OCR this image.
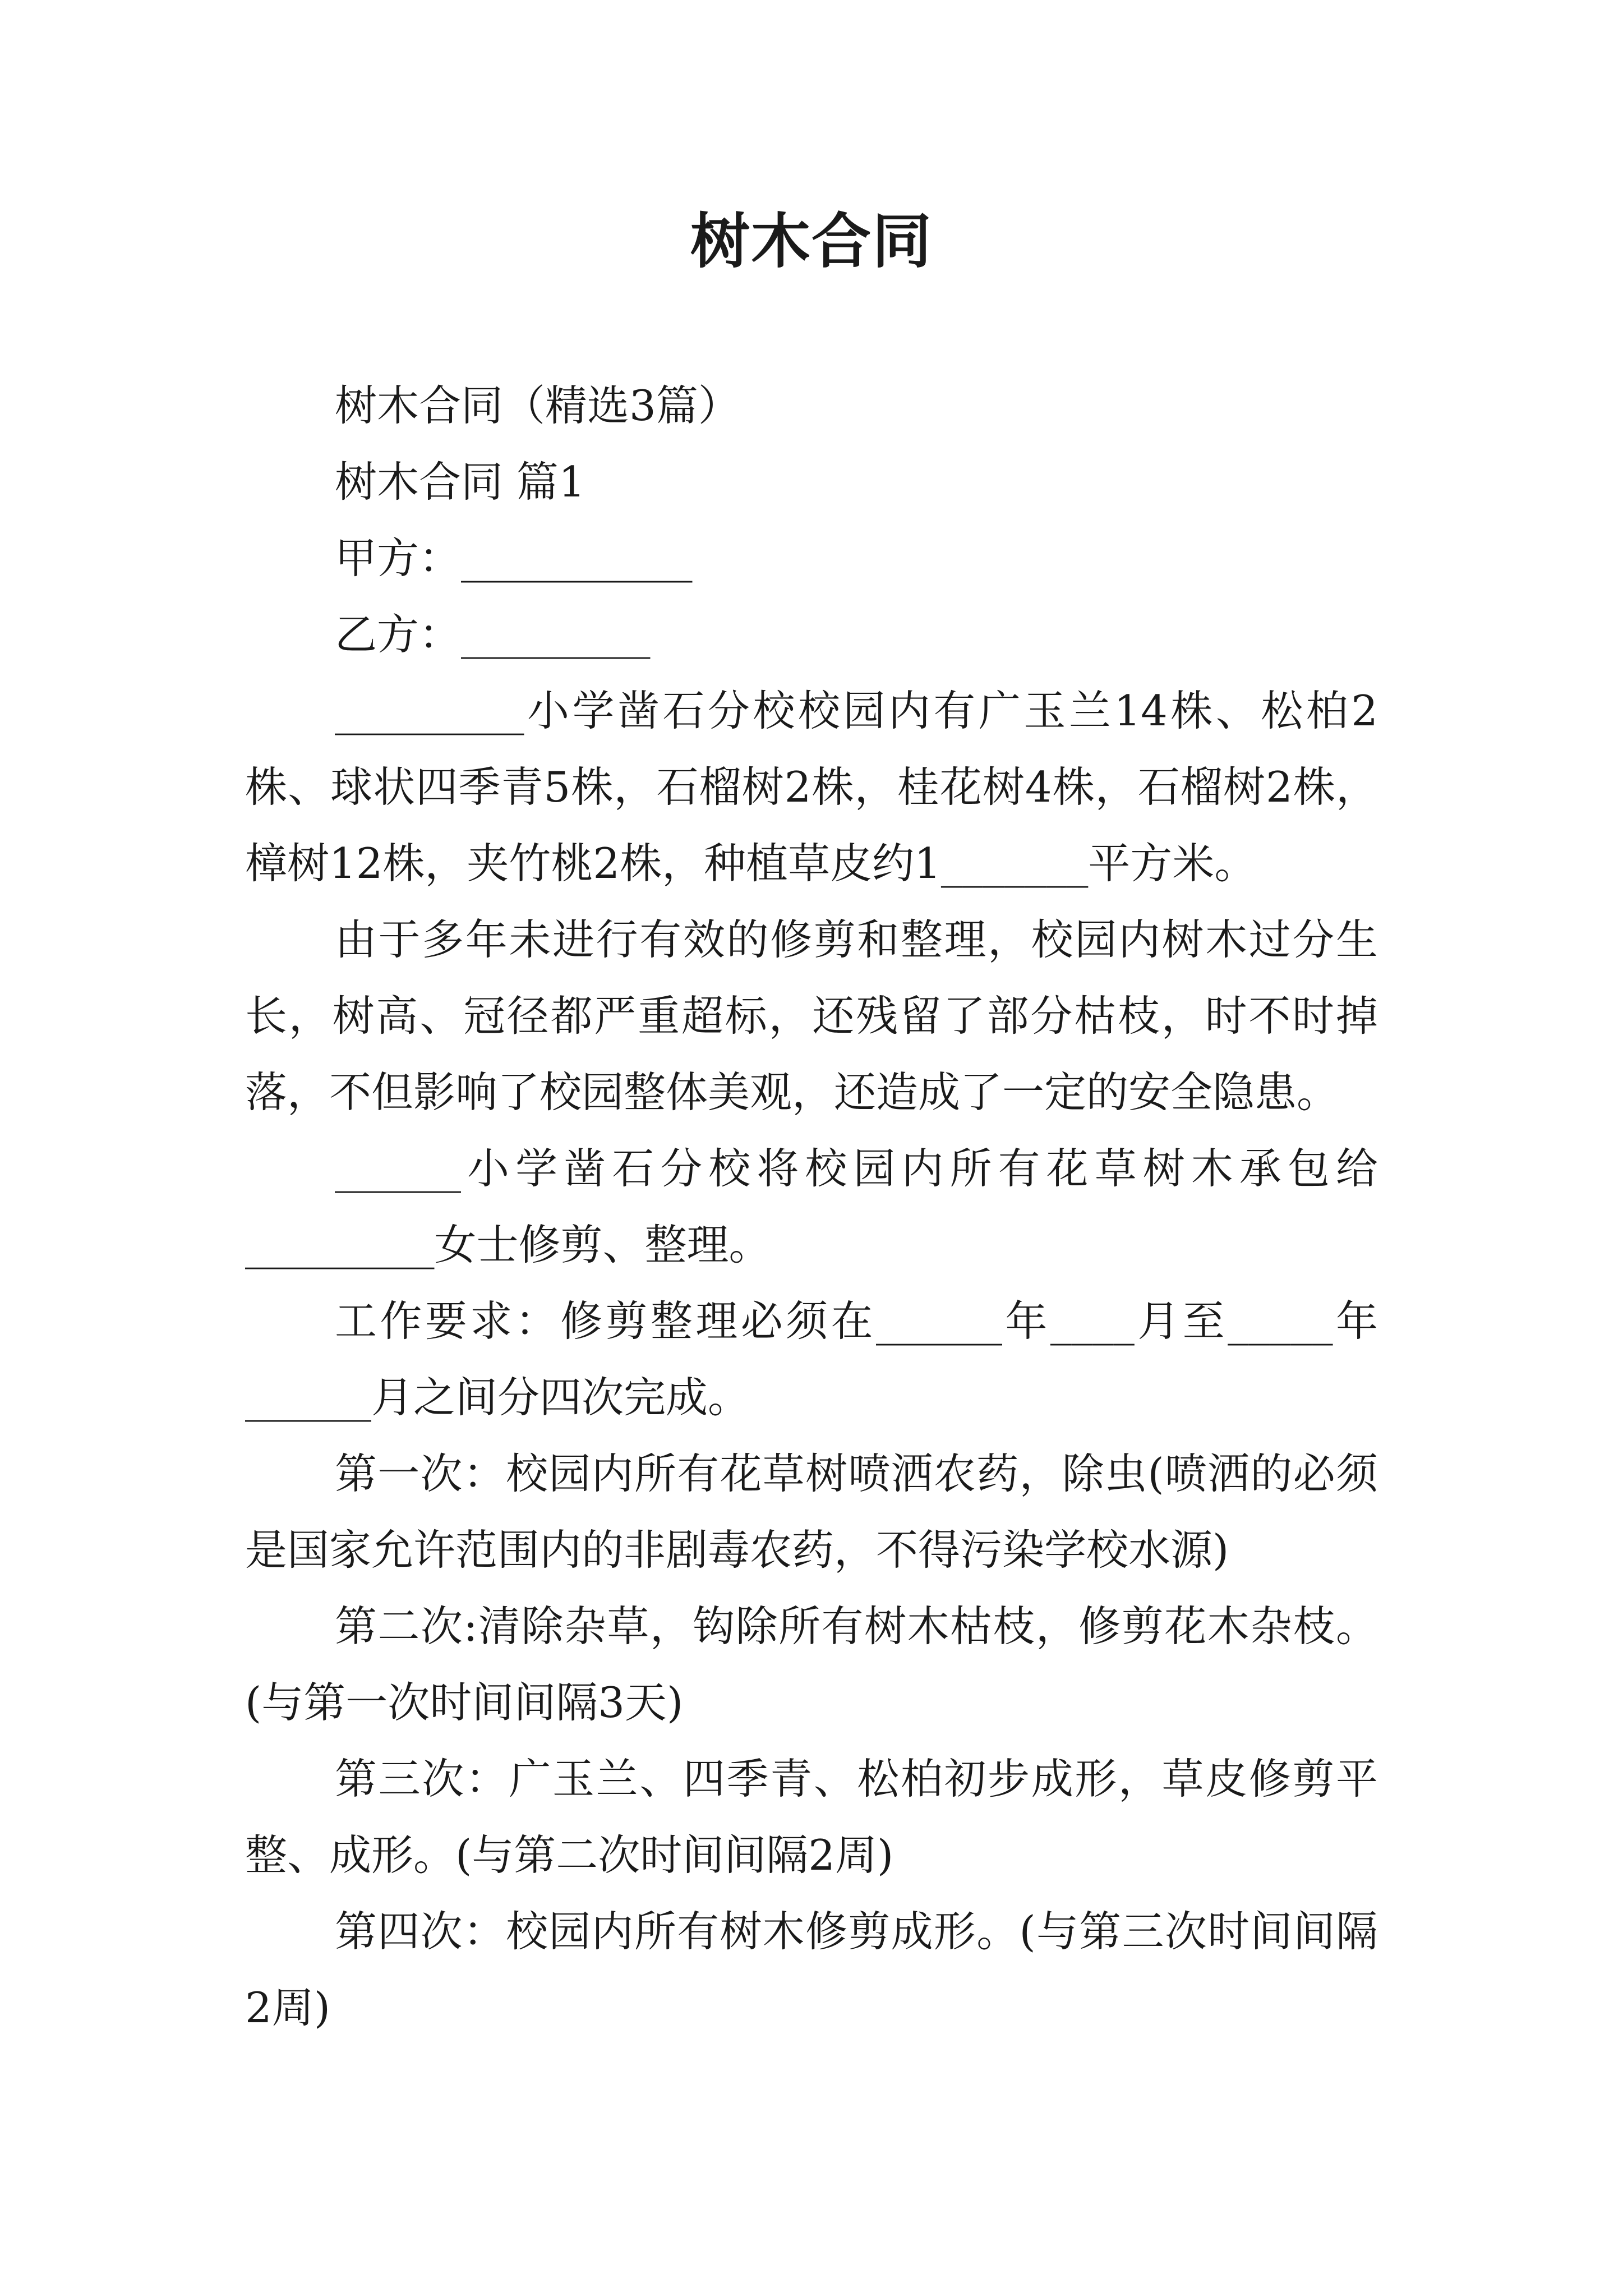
树木合同

树木合同（精选3篇）

树木合同 篇1

甲方：___________

乙方：_________

_________小学凿石分校校园内有广玉兰14株、松柏2株、球状四季青5株，石榴树2株，桂花树4株，石榴树2株，樟树12株，夹竹桃2株，种植草皮约1_______平方米。

由于多年未进行有效的修剪和整理，校园内树木过分生长，树高、冠径都严重超标，还残留了部分枯枝，时不时掉落，不但影响了校园整体美观，还造成了一定的安全隐患。

______小学凿石分校将校园内所有花草树木承包给_________女士修剪、整理。

工作要求：修剪整理必须在______年____月至_____年______月之间分四次完成。

第一次：校园内所有花草树喷洒农药，除虫(喷洒的必须是国家允许范围内的非剧毒农药，不得污染学校水源)

第二次:清除杂草，钩除所有树木枯枝，修剪花木杂枝。(与第一次时间间隔3天)

第三次：广玉兰、四季青、松柏初步成形，草皮修剪平整、成形。(与第二次时间间隔2周)

第四次：校园内所有树木修剪成形。(与第三次时间间隔2周)
